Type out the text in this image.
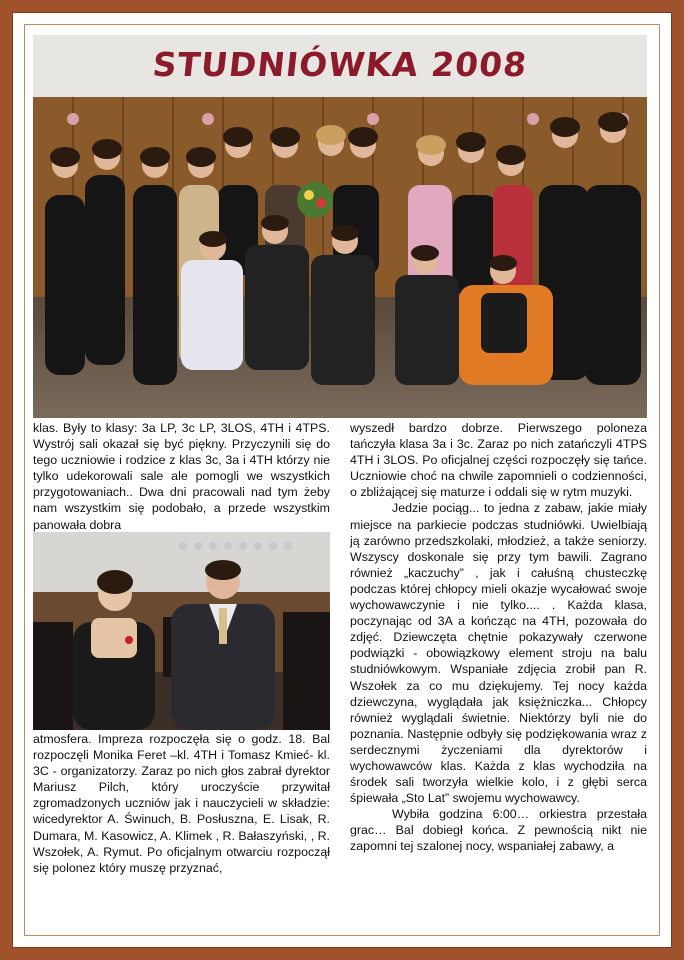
STUDNIÓWKA 2008

klas. Były to klasy: 3a LP, 3c LP, 3LOS, 4TH i 4TPS. Wystrój sali okazał się być piękny. Przyczynili się do tego uczniowie i rodzice z klas 3c, 3a i 4TH którzy nie tylko udekorowali sale ale pomogli we wszystkich przygotowaniach.. Dwa dni pracowali nad tym żeby nam wszystkim się podobało, a przede wszystkim panowała dobra

atmosfera. Impreza rozpoczęła się o godz. 18. Bal rozpoczęli Monika Feret –kl. 4TH i Tomasz Kmieć- kl. 3C - organizatorzy. Zaraz po nich głos zabrał dyrektor Mariusz Pilch, który uroczyście przywitał zgromadzonych uczniów jak i nauczycieli w składzie: wicedyrektor A. Świnuch, B. Posłuszna, E. Lisak, R. Dumara, M. Kasowicz, A. Klimek , R. Bałaszyński, , R. Wszołek, A. Rymut. Po oficjalnym otwarciu rozpoczął się polonez który muszę przyznać,

wyszedł bardzo dobrze. Pierwszego poloneza tańczyła klasa 3a i 3c. Zaraz po nich zatańczyli 4TPS 4TH i 3LOS. Po oficjalnej części rozpoczęły się tańce. Uczniowie choć na chwile zapomnieli o codzienności, o zbliżającej się maturze i oddali się w rytm muzyki.

Jedzie pociąg... to jedna z zabaw, jakie miały miejsce na parkiecie podczas studniówki. Uwielbiają ją zarówno przedszkolaki, młodzież, a także seniorzy. Wszyscy doskonale się przy tym bawili. Zagrano również „kaczuchy” , jak i całuśną chusteczkę podczas której chłopcy mieli okazje wycałować swoje wychowawczynie i nie tylko.... . Każda klasa, poczynając od 3A a kończąc na 4TH, pozowała do zdjęć. Dziewczęta chętnie pokazywały czerwone podwiązki - obowiązkowy element stroju na balu studniówkowym. Wspaniałe zdjęcia zrobił pan R. Wszołek za co mu dziękujemy. Tej nocy każda dziewczyna, wyglądała jak księżniczka... Chłopcy również wyglądali świetnie. Niektórzy byli nie do poznania. Następnie odbyły się podziękowania wraz z serdecznymi życzeniami dla dyrektorów i wychowawców klas. Każda z klas wychodziła na środek sali tworzyła wielkie kolo, i z głębi serca śpiewała „Sto Lat” swojemu wychowawcy.

Wybiła godzina 6:00… orkiestra przestała grac… Bal dobiegł końca. Z pewnością nikt nie zapomni tej szalonej nocy, wspaniałej zabawy, a
